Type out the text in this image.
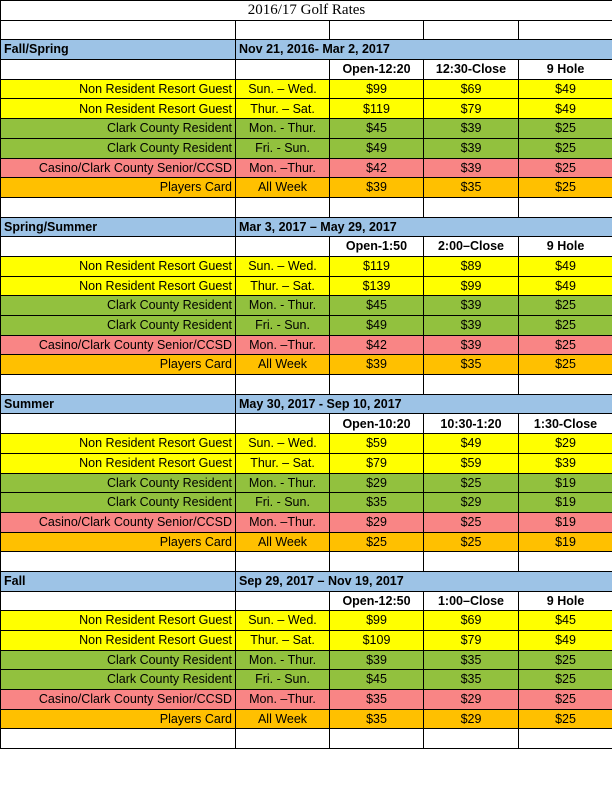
2016/17 Golf Rates				

Fall/Spring	Nov 21, 2016- Mar 2, 2017			
		Open-12:20	12:30-Close	9 Hole
Non Resident Resort Guest	Sun. – Wed.	$99	$69	$49
Non Resident Resort Guest	Thur. – Sat.	$119	$79	$49
Clark County Resident	Mon. - Thur.	$45	$39	$25
Clark County Resident	Fri. - Sun.	$49	$39	$25
Casino/Clark County Senior/CCSD	Mon. –Thur.	$42	$39	$25
Players Card	All Week	$39	$35	$25

Spring/Summer	Mar 3, 2017 – May 29, 2017			
		Open-1:50	2:00–Close	9 Hole
Non Resident Resort Guest	Sun. – Wed.	$119	$89	$49
Non Resident Resort Guest	Thur. – Sat.	$139	$99	$49
Clark County Resident	Mon. - Thur.	$45	$39	$25
Clark County Resident	Fri. - Sun.	$49	$39	$25
Casino/Clark County Senior/CCSD	Mon. –Thur.	$42	$39	$25
Players Card	All Week	$39	$35	$25

Summer	May 30, 2017 - Sep 10, 2017			
		Open-10:20	10:30-1:20	1:30-Close
Non Resident Resort Guest	Sun. – Wed.	$59	$49	$29
Non Resident Resort Guest	Thur. – Sat.	$79	$59	$39
Clark County Resident	Mon. - Thur.	$29	$25	$19
Clark County Resident	Fri. - Sun.	$35	$29	$19
Casino/Clark County Senior/CCSD	Mon. –Thur.	$29	$25	$19
Players Card	All Week	$25	$25	$19

Fall	Sep 29, 2017 – Nov 19, 2017			
		Open-12:50	1:00–Close	9 Hole
Non Resident Resort Guest	Sun. – Wed.	$99	$69	$45
Non Resident Resort Guest	Thur. – Sat.	$109	$79	$49
Clark County Resident	Mon. - Thur.	$39	$35	$25
Clark County Resident	Fri. - Sun.	$45	$35	$25
Casino/Clark County Senior/CCSD	Mon. –Thur.	$35	$29	$25
Players Card	All Week	$35	$29	$25
